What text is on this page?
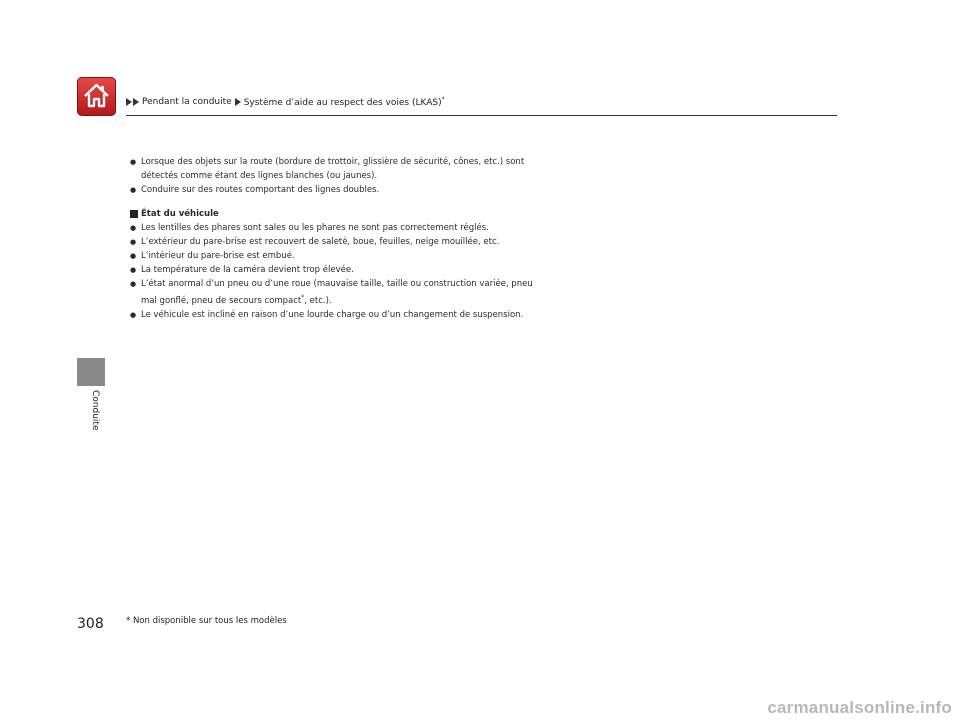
Pendant la conduite Système d’aide au respect des voies (LKAS)*
Conduite

● Lorsque des objets sur la route (bordure de trottoir, glissière de sécurité, cônes, etc.) sont
détectés comme étant des lignes blanches (ou jaunes).

● Conduire sur des routes comportant des lignes doubles.

État du véhicule

● Les lentilles des phares sont sales ou les phares ne sont pas correctement réglés.

● L’extérieur du pare-brise est recouvert de saleté, boue, feuilles, neige mouillée, etc.

● L’intérieur du pare-brise est embué.

● La température de la caméra devient trop élevée.

● L’état anormal d’un pneu ou d’une roue (mauvaise taille, taille ou construction variée, pneu
mal gonflé, pneu de secours compact*, etc.).

● Le véhicule est incliné en raison d’une lourde charge ou d’un changement de suspension.

308	* Non disponible sur tous les modèles
carmanualsonline.info
